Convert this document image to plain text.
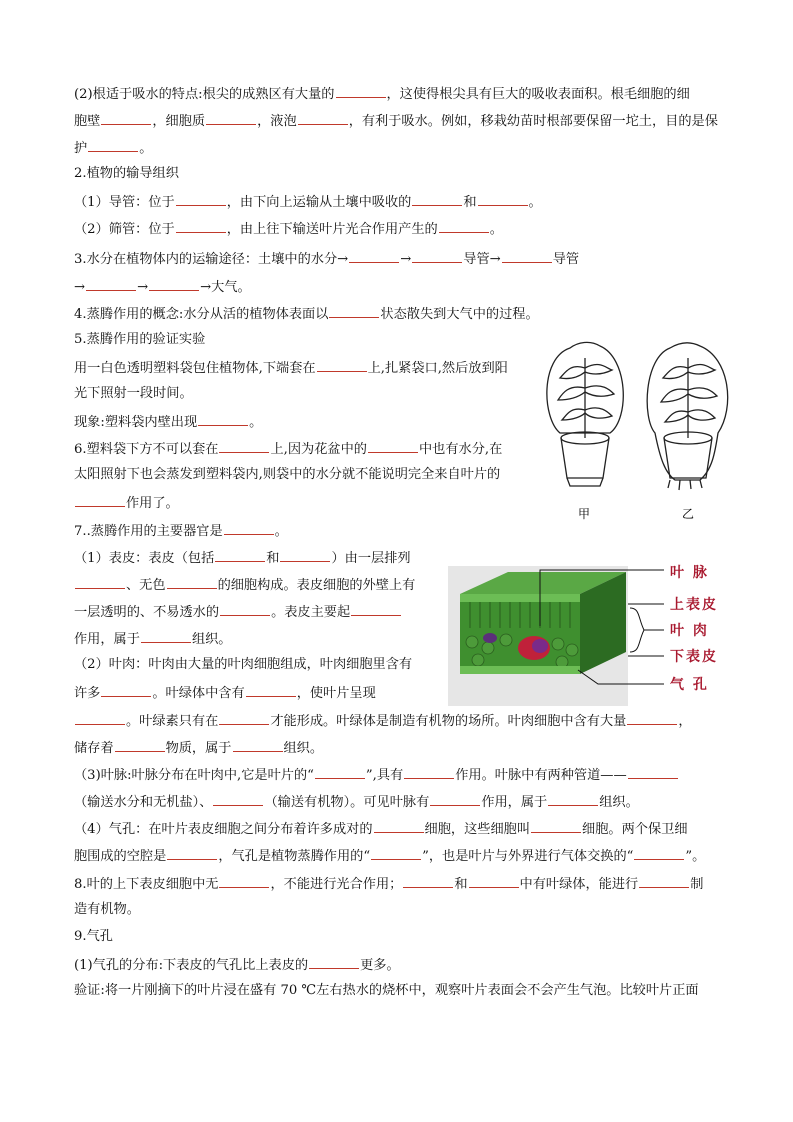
(2)根适于吸水的特点:根尖的成熟区有大量的	，这使得根尖具有巨大的吸收表面积。根毛细胞的细
胞壁	，细胞质	，液泡	，有利于吸水。例如，移栽幼苗时根部要保留一坨土，目的是保
护	。
2.植物的输导组织
（1）导管：位于	，由下向上运输从土壤中吸收的	和	。
（2）筛管：位于	，由上往下输送叶片光合作用产生的	。
3.水分在植物体内的运输途径：土壤中的水分→	→	导管→	导管
→	→	→大气。
4.蒸腾作用的概念:水分从活的植物体表面以	状态散失到大气中的过程。
5.蒸腾作用的验证实验
用一白色透明塑料袋包住植物体,下端套在	上,扎紧袋口,然后放到阳
光下照射一段时间。
现象:塑料袋内壁出现	。
6.塑料袋下方不可以套在	上,因为花盆中的	中也有水分,在
太阳照射下也会蒸发到塑料袋内,则袋中的水分就不能说明完全来自叶片的
作用了。
7..蒸腾作用的主要器官是	。
（1）表皮：表皮（包括	和	）由一层排列
、无色	的细胞构成。表皮细胞的外壁上有
一层透明的、不易透水的	。表皮主要起
作用，属于	组织。
（2）叶肉：叶肉由大量的叶肉细胞组成，叶肉细胞里含有
许多	。叶绿体中含有	，使叶片呈现
。叶绿素只有在	才能形成。叶绿体是制造有机物的场所。叶肉细胞中含有大量	，
储存着	物质，属于	组织。
（3)叶脉:叶脉分布在叶肉中,它是叶片的“	”,具有	作用。叶脉中有两种管道——
（输送水分和无机盐）、	（输送有机物）。可见叶脉有	作用，属于	组织。
（4）气孔：在叶片表皮细胞之间分布着许多成对的	细胞，这些细胞叫	细胞。两个保卫细
胞围成的空腔是	，气孔是植物蒸腾作用的“	”，也是叶片与外界进行气体交换的“	”。
8.叶的上下表皮细胞中无	，不能进行光合作用；	和	中有叶绿体，能进行	制
造有机物。
9.气孔
(1)气孔的分布:下表皮的气孔比上表皮的	更多。
验证:将一片刚摘下的叶片浸在盛有 70 ℃左右热水的烧杯中，观察叶片表面会不会产生气泡。比较叶片正面
甲	乙
叶 脉
上表皮
叶 肉
下表皮
气 孔
